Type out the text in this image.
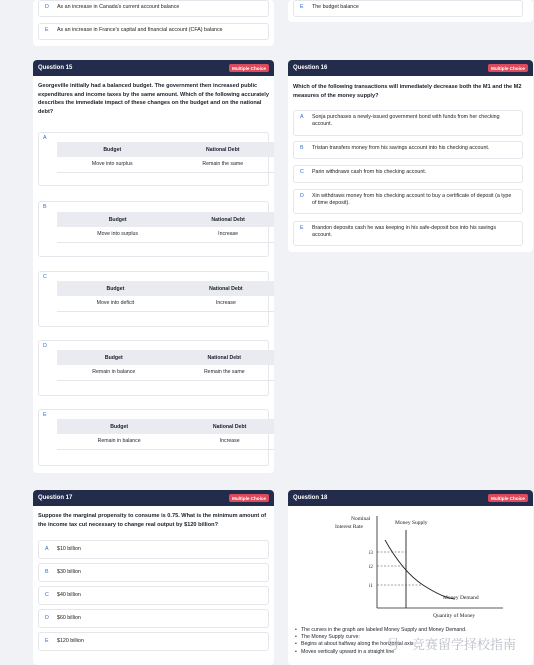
D As an increase in Canada's current account balance
E As an increase in France's capital and financial account (CFA) balance
E The budget balance
Question 15	Multiple Choice
Georgeville initially had a balanced budget. The government then increased public expenditures and income taxes by the same amount. Which of the following accurately describes the immediate impact of these changes on the budget and on the national debt?
A
Budget	National Debt
Move into surplus	Remain the same
B
Budget	National Debt
Move into surplus	Increase
C
Budget	National Debt
Move into deficit	Increase
D
Budget	National Debt
Remain in balance	Remain the same
E
Budget	National Debt
Remain in balance	Increase
Question 16	Multiple Choice
Which of the following transactions will immediately decrease both the M1 and the M2 measures of the money supply?
A Sonja purchases a newly-issued government bond with funds from her checking account.
B Tristan transfers money from his savings account into his checking account.
C Parin withdraws cash from his checking account.
D Xin withdraws money from his checking account to buy a certificate of deposit (a type of time deposit).
E Brandon deposits cash he was keeping in his safe-deposit box into his savings account.
Question 17	Multiple Choice
Suppose the marginal propensity to consume is 0.75. What is the minimum amount of the income tax cut necessary to change real output by $120 billion?
A $10 billion
B $30 billion
C $40 billion
D $60 billion
E $120 billion
Question 18	Multiple Choice
Nominal
Interest Rate
Money Supply
Money Demand
i3
i2
i1
Quantity of Money
• The curves in the graph are labeled Money Supply and Money Demand.
• The Money Supply curve:
• Begins at about halfway along the horizontal axis
• Moves vertically upward in a straight line
号 · 竞赛留学择校指南
